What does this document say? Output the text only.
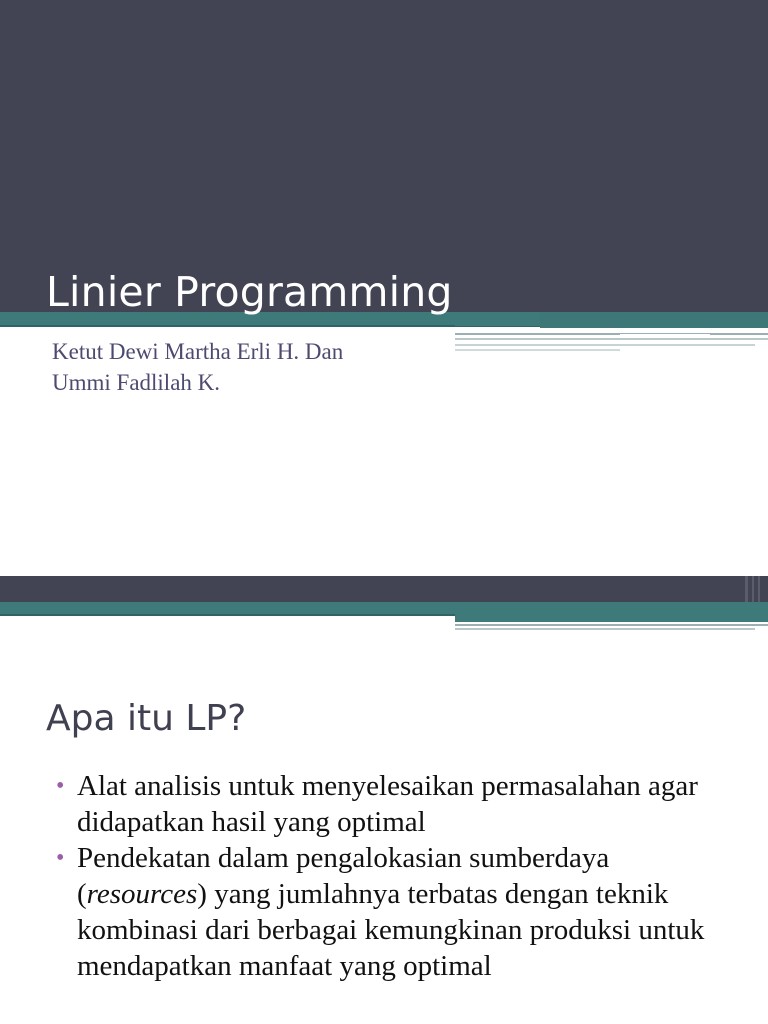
Linier Programming
Ketut Dewi Martha Erli H. Dan
Ummi Fadlilah K.
Apa itu LP?
• Alat analisis untuk menyelesaikan permasalahan agar didapatkan hasil yang optimal
• Pendekatan dalam pengalokasian sumberdaya (resources) yang jumlahnya terbatas dengan teknik kombinasi dari berbagai kemungkinan produksi untuk mendapatkan manfaat yang optimal
